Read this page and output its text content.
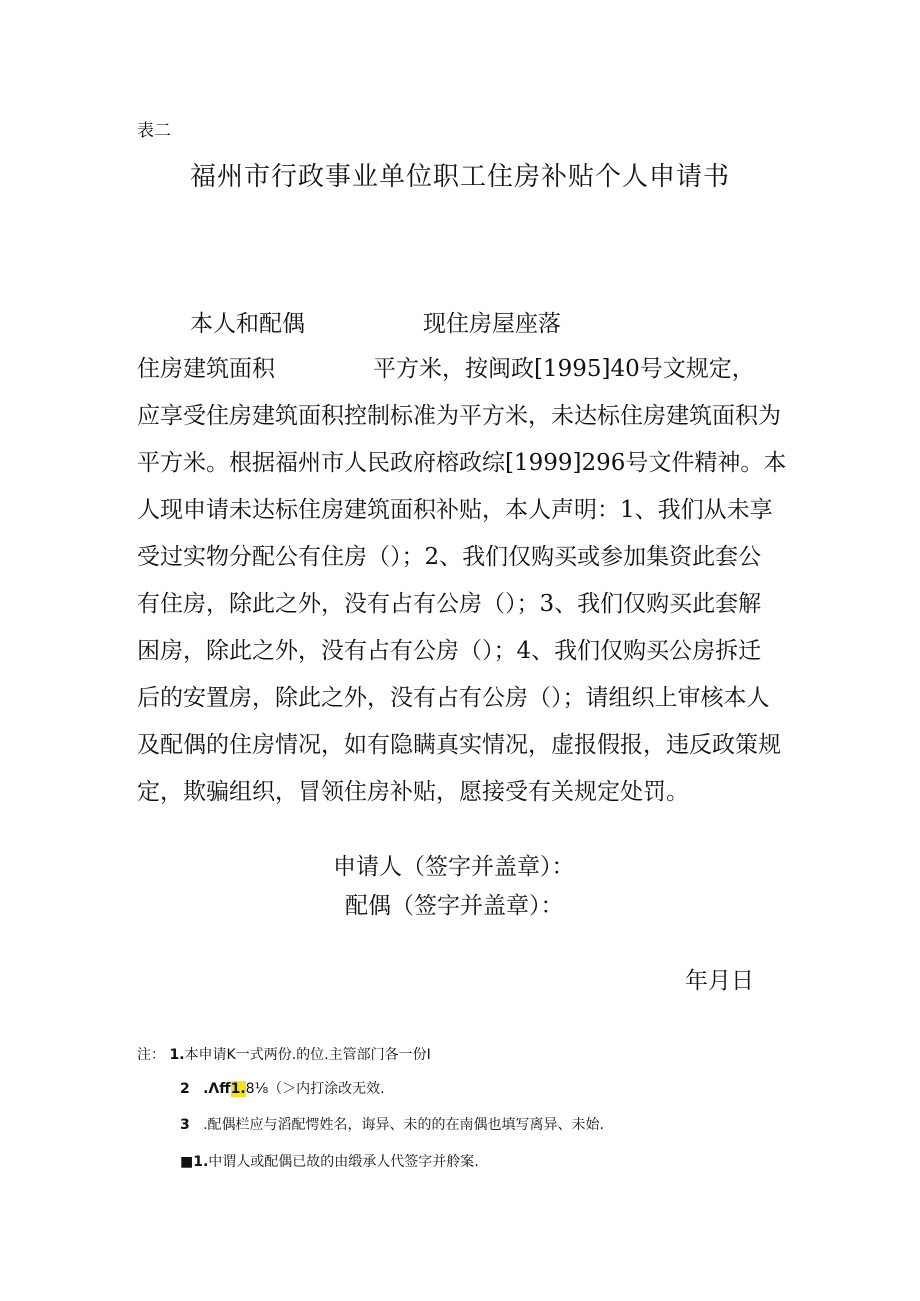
表二
福州市行政事业单位职工住房补贴个人申请书
本人和配偶	现住房屋座落
住房建筑面积	平方米，按闽政[1995]40号文规定，
应享受住房建筑面积控制标准为平方米，未达标住房建筑面积为
平方米。根据福州市人民政府榕政综[1999]296号文件精神。本
人现申请未达标住房建筑面积补贴，本人声明：1、我们从未享
受过实物分配公有住房（）；2、我们仅购买或参加集资此套公
有住房，除此之外，没有占有公房（）；3、我们仅购买此套解
困房，除此之外，没有占有公房（）；4、我们仅购买公房拆迁
后的安置房，除此之外，没有占有公房（）；请组织上审核本人
及配偶的住房情况，如有隐瞒真实情况，虚报假报，违反政策规
定，欺骗组织，冒领住房补贴，愿接受有关规定处罚。
申请人（签字并盖章）：
配偶（签字并盖章）：
年月日
注： 1.本申请K一式两份.的位.主管部门各一份I
2 .Λff1.8⅛（＞内打涂改无效.
3 .配偶栏应与滔配愕姓名，诲异、未的的在南偶也填写离异、未始.
■1.中谓人或配偶已故的由缎承人代签字并舲案.
